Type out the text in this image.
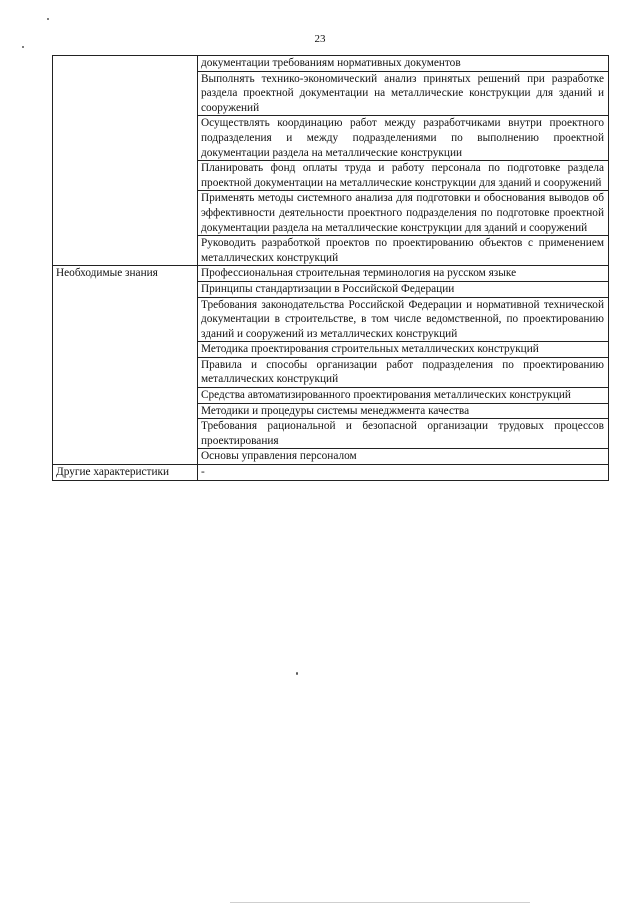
23
	документации требованиям нормативных документов
	Выполнять технико-экономический анализ принятых решений при разработке раздела проектной документации на металлические конструкции для зданий и сооружений
	Осуществлять координацию работ между разработчиками внутри проектного подразделения и между подразделениями по выполнению проектной документации раздела на металлические конструкции
	Планировать фонд оплаты труда и работу персонала по подготовке раздела проектной документации на металлические конструкции для зданий и сооружений
	Применять методы системного анализа для подготовки и обоснования выводов об эффективности деятельности проектного подразделения по подготовке проектной документации раздела на металлические конструкции для зданий и сооружений
	Руководить разработкой проектов по проектированию объектов с применением металлических конструкций
Необходимые знания	Профессиональная строительная терминология на русском языке
	Принципы стандартизации в Российской Федерации
	Требования законодательства Российской Федерации и нормативной технической документации в строительстве, в том числе ведомственной, по проектированию зданий и сооружений из металлических конструкций
	Методика проектирования строительных металлических конструкций
	Правила и способы организации работ подразделения по проектированию металлических конструкций
	Средства автоматизированного проектирования металлических конструкций
	Методики и процедуры системы менеджмента качества
	Требования рациональной и безопасной организации трудовых процессов проектирования
	Основы управления персоналом
Другие характеристики	-
